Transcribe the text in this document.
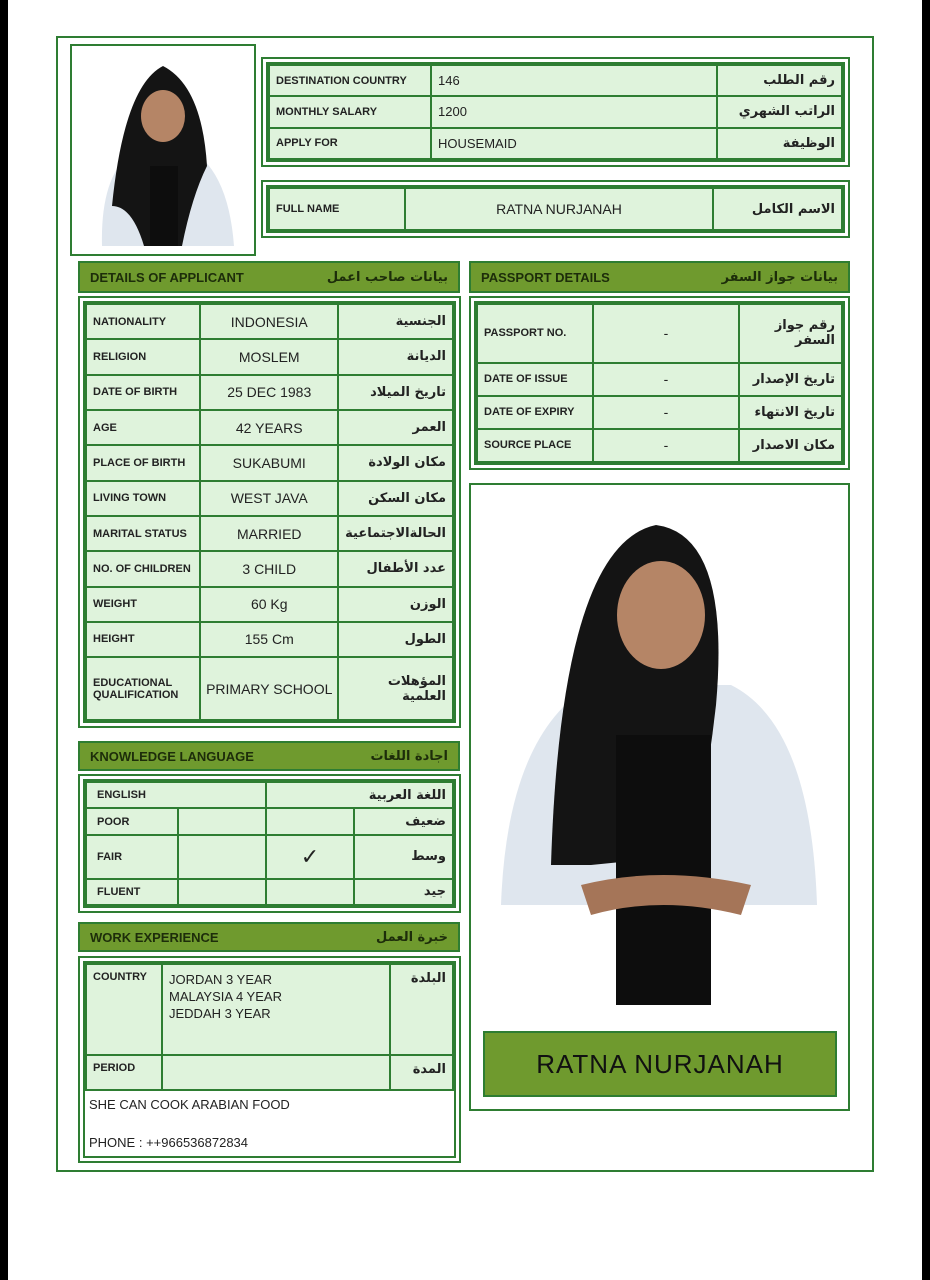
DESTINATION COUNTRY	146	رقم الطلب
MONTHLY SALARY	1200	الراتب الشهري
APPLY FOR	HOUSEMAID	الوظيفة
FULL NAME	RATNA NURJANAH	الاسم الكامل
DETAILS OF APPLICANT	بيانات صاحب اعمل
NATIONALITY	INDONESIA	الجنسية
RELIGION	MOSLEM	الديانة
DATE OF BIRTH	25 DEC 1983	تاريخ الميلاد
AGE	42 YEARS	العمر
PLACE OF BIRTH	SUKABUMI	مكان الولادة
LIVING TOWN	WEST JAVA	مكان السكن
MARITAL STATUS	MARRIED	الحالةالاجتماعية
NO. OF CHILDREN	3 CHILD	عدد الأطفال
WEIGHT	60 Kg	الوزن
HEIGHT	155 Cm	الطول
EDUCATIONAL QUALIFICATION	PRIMARY SCHOOL	المؤهلات العلمية
PASSPORT DETAILS	بيانات جواز السفر
PASSPORT NO.	-	رقم جواز السفر
DATE OF ISSUE	-	تاريخ الإصدار
DATE OF EXPIRY	-	تاريخ الانتهاء
SOURCE PLACE	-	مكان الاصدار
RATNA NURJANAH
KNOWLEDGE LANGUAGE	اجادة اللغات
ENGLISH		اللغة العربية	
POOR			ضعيف
FAIR		✓	وسط
FLUENT			جيد
WORK EXPERIENCE	خبرة العمل
COUNTRY	JORDAN 3 YEAR
MALAYSIA 4 YEAR
JEDDAH 3 YEAR	البلدة
PERIOD		المدة
SHE CAN COOK ARABIAN FOOD
PHONE : ++966536872834
